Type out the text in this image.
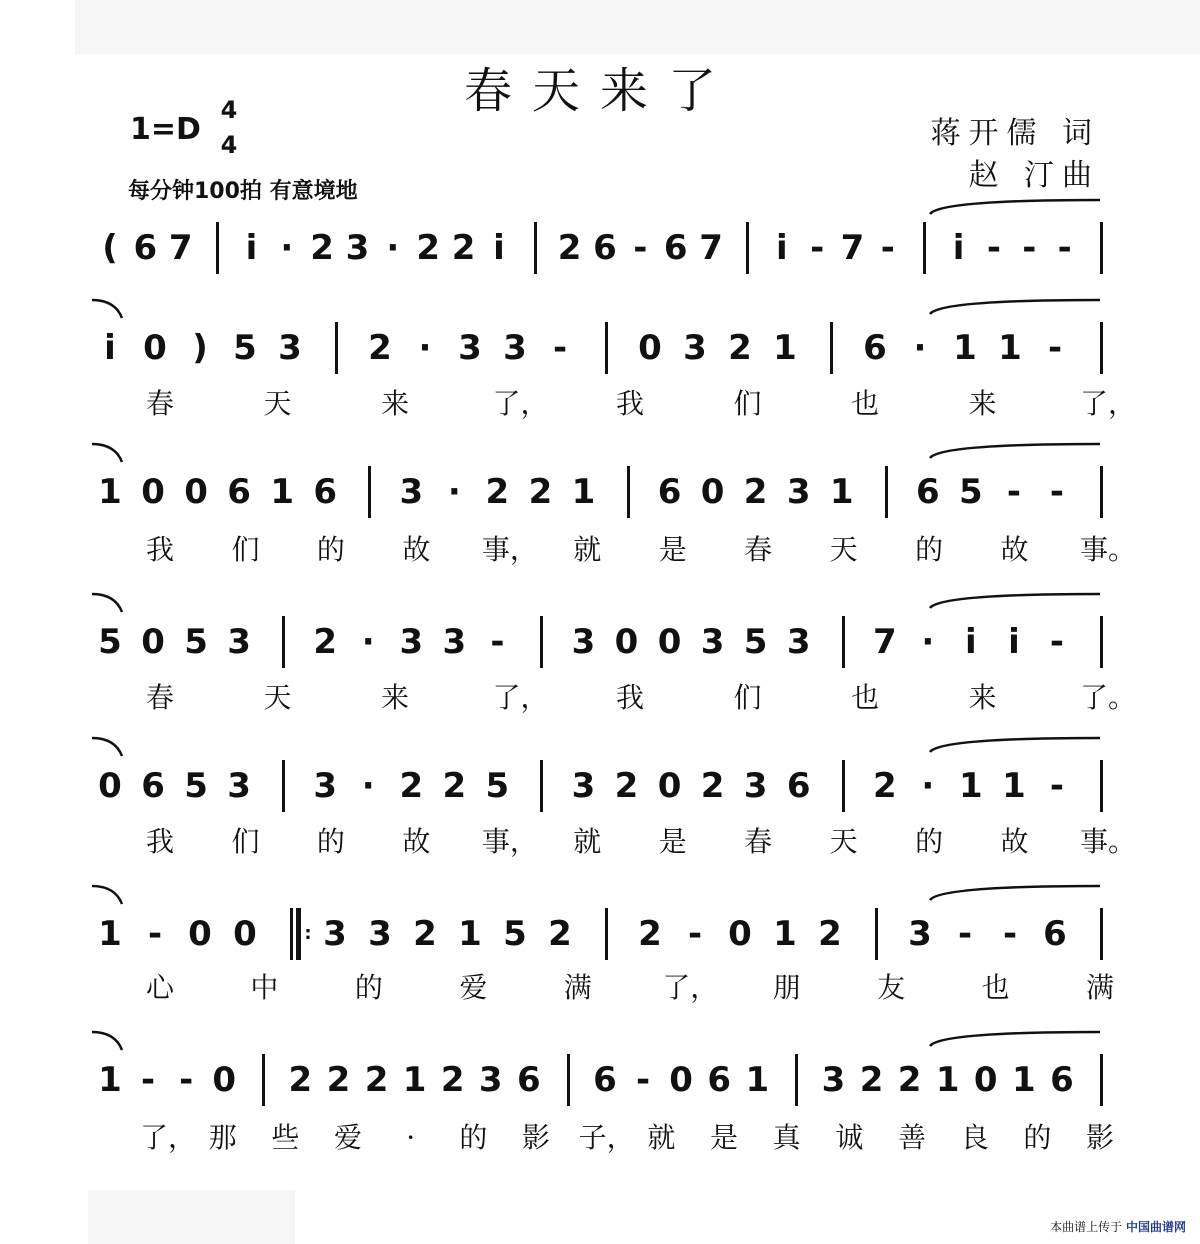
春天来了
蒋开儒 词
赵 汀曲
1=D
4
4
每分钟100拍 有意境地
( 6 7 i · 2 3 · 2 2 i 2 6 - 6 7 i - 7 - i - - -
i 0 ) 5 3 2 · 3 3 - 0 3 2 1 6 · 1 1 -
春	天	来	了， 我	们	也	来	了，
1 0 0 6 1 6 3 · 2 2 1 6 0 2 3 1 6 5 - -
我 们 的 故 事， 就 是 春 天 的 故 事。
5 0 5 3 2 · 3 3 - 3 0 0 3 5 3 7 · i i -
春	天	来	了， 我	们	也	来	了。
0 6 5 3 3 · 2 2 5 3 2 0 2 3 6 2 · 1 1 -
我 们 的 故 事， 就 是 春 天 的 故 事。
1 - 0 0	: 3 3 2 1 5 2 2 - 0 1 2 3 - - 6
心	中	的	爱	满	了， 朋	友	也	满
1 - - 0 2 2 2 1 2 3 6 6 - 0 6 1 3 2 2 1 0 1 6
了， 那 些 爱	·	的 影 子， 就 是 真 诚 善 良 的 影
本曲谱上传于 中国曲谱网
